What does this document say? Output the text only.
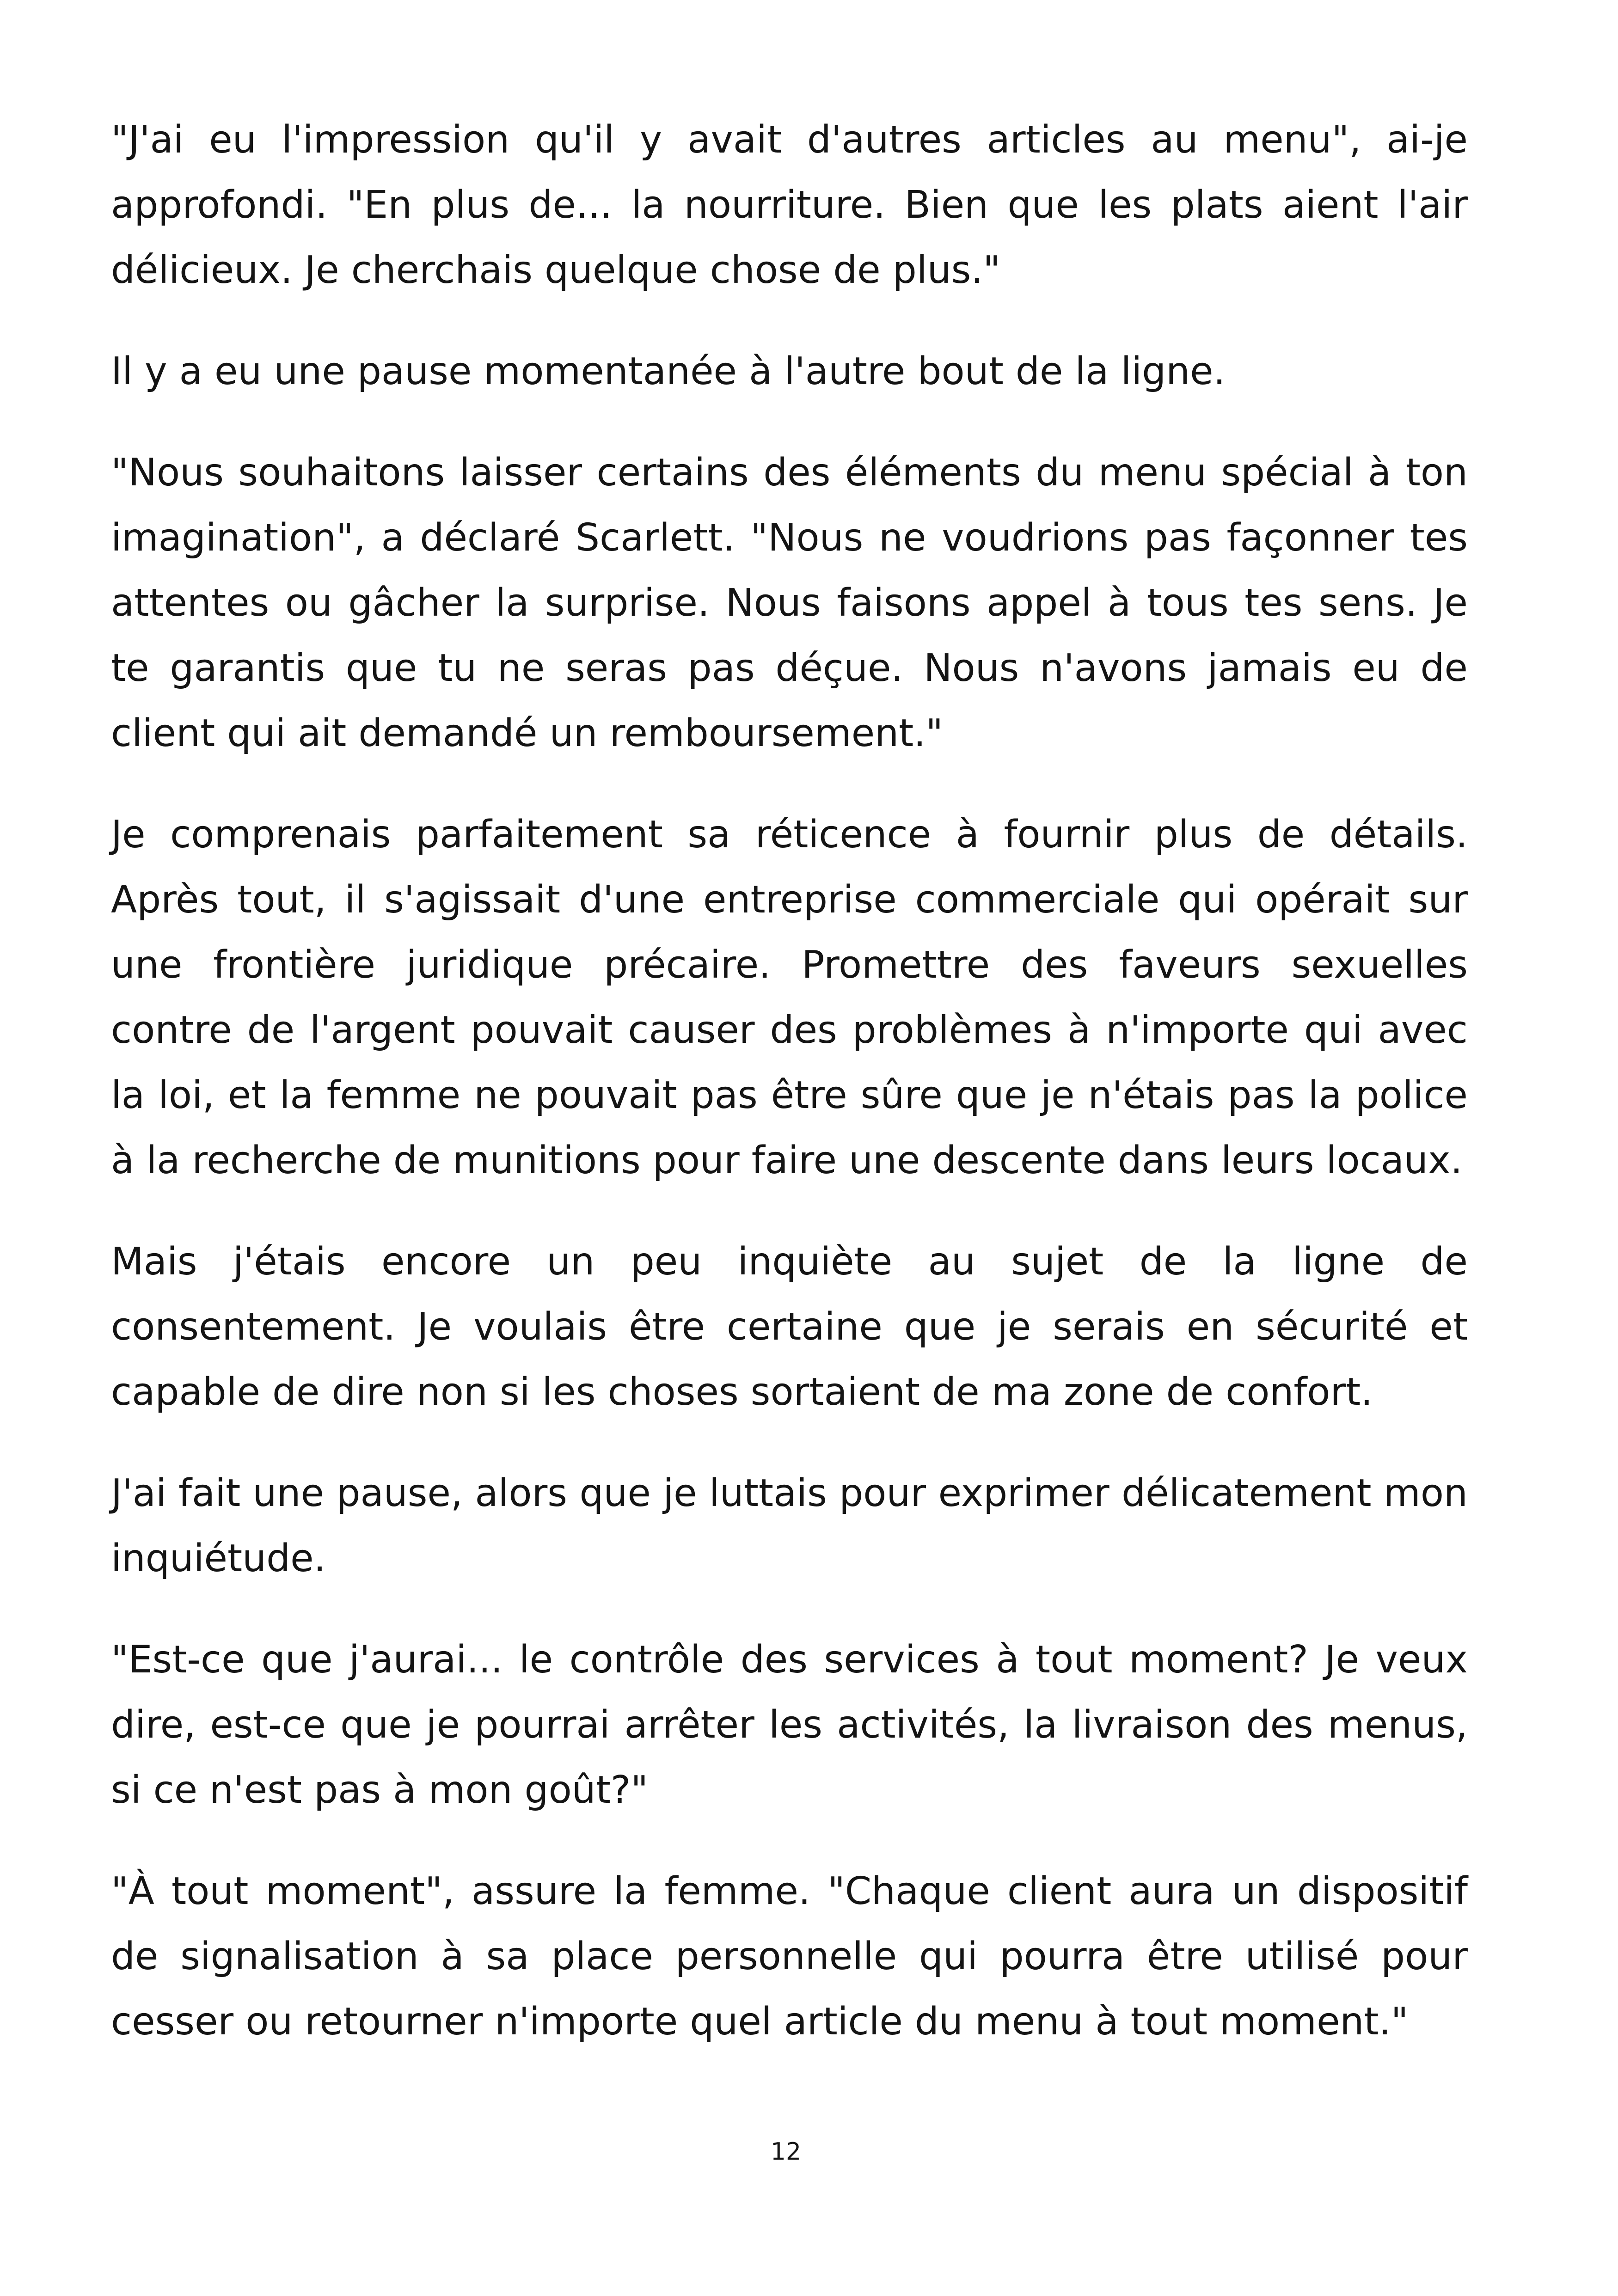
"J'ai eu l'impression qu'il y avait d'autres articles au menu", ai-je approfondi. "En plus de... la nourriture. Bien que les plats aient l'air délicieux. Je cherchais quelque chose de plus."

Il y a eu une pause momentanée à l'autre bout de la ligne.

"Nous souhaitons laisser certains des éléments du menu spécial à ton imagination", a déclaré Scarlett. "Nous ne voudrions pas façonner tes attentes ou gâcher la surprise. Nous faisons appel à tous tes sens. Je te garantis que tu ne seras pas déçue. Nous n'avons jamais eu de client qui ait demandé un remboursement."

Je comprenais parfaitement sa réticence à fournir plus de détails. Après tout, il s'agissait d'une entreprise commerciale qui opérait sur une frontière juridique précaire. Promettre des faveurs sexuelles contre de l'argent pouvait causer des problèmes à n'importe qui avec la loi, et la femme ne pouvait pas être sûre que je n'étais pas la police à la recherche de munitions pour faire une descente dans leurs locaux.

Mais j'étais encore un peu inquiète au sujet de la ligne de consentement. Je voulais être certaine que je serais en sécurité et capable de dire non si les choses sortaient de ma zone de confort.

J'ai fait une pause, alors que je luttais pour exprimer délicatement mon inquiétude.

"Est-ce que j'aurai... le contrôle des services à tout moment? Je veux dire, est-ce que je pourrai arrêter les activités, la livraison des menus, si ce n'est pas à mon goût?"

"À tout moment", assure la femme. "Chaque client aura un dispositif de signalisation à sa place personnelle qui pourra être utilisé pour cesser ou retourner n'importe quel article du menu à tout moment."

12
